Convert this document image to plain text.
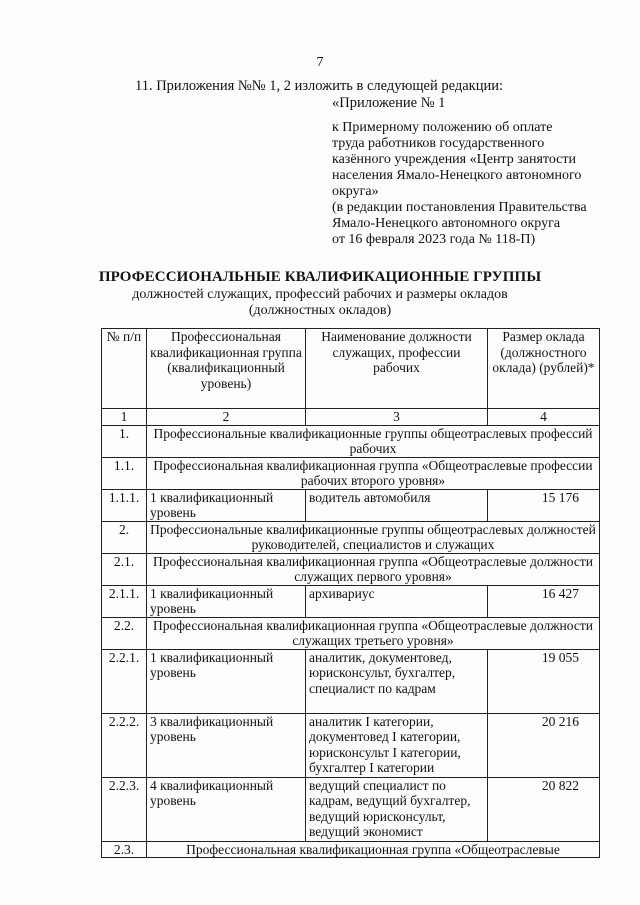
7
11. Приложения №№ 1, 2 изложить в следующей редакции:
«Приложение № 1
к Примерному положению об оплате
труда работников государственного
казённого учреждения «Центр занятости
населения Ямало-Ненецкого автономного
округа»
(в редакции постановления Правительства
Ямало-Ненецкого автономного округа
от 16 февраля 2023 года № 118-П)
ПРОФЕССИОНАЛЬНЫЕ КВАЛИФИКАЦИОННЫЕ ГРУППЫ
должностей служащих, профессий рабочих и размеры окладов
(должностных окладов)
№ п/п	Профессиональная квалификационная группа (квалификационный уровень)	Наименование должности служащих, профессии рабочих	Размер оклада (должностного оклада) (рублей)*
1	2	3	4
1.	Профессиональные квалификационные группы общеотраслевых профессий рабочих		
1.1.	Профессиональная квалификационная группа «Общеотраслевые профессии рабочих второго уровня»		
1.1.1.	1 квалификационный уровень	водитель автомобиля	15 176
2.	Профессиональные квалификационные группы общеотраслевых должностей руководителей, специалистов и служащих		
2.1.	Профессиональная квалификационная группа «Общеотраслевые должности служащих первого уровня»		
2.1.1.	1 квалификационный уровень	архивариус	16 427
2.2.	Профессиональная квалификационная группа «Общеотраслевые должности служащих третьего уровня»		
2.2.1.	1 квалификационный уровень	аналитик, документовед, юрисконсульт, бухгалтер, специалист по кадрам	19 055
2.2.2.	3 квалификационный уровень	аналитик I категории, документовед I категории, юрисконсульт I категории, бухгалтер I категории	20 216
2.2.3.	4 квалификационный уровень	ведущий специалист по кадрам, ведущий бухгалтер, ведущий юрисконсульт, ведущий экономист	20 822
2.3.	Профессиональная квалификационная группа «Общеотраслевые		
